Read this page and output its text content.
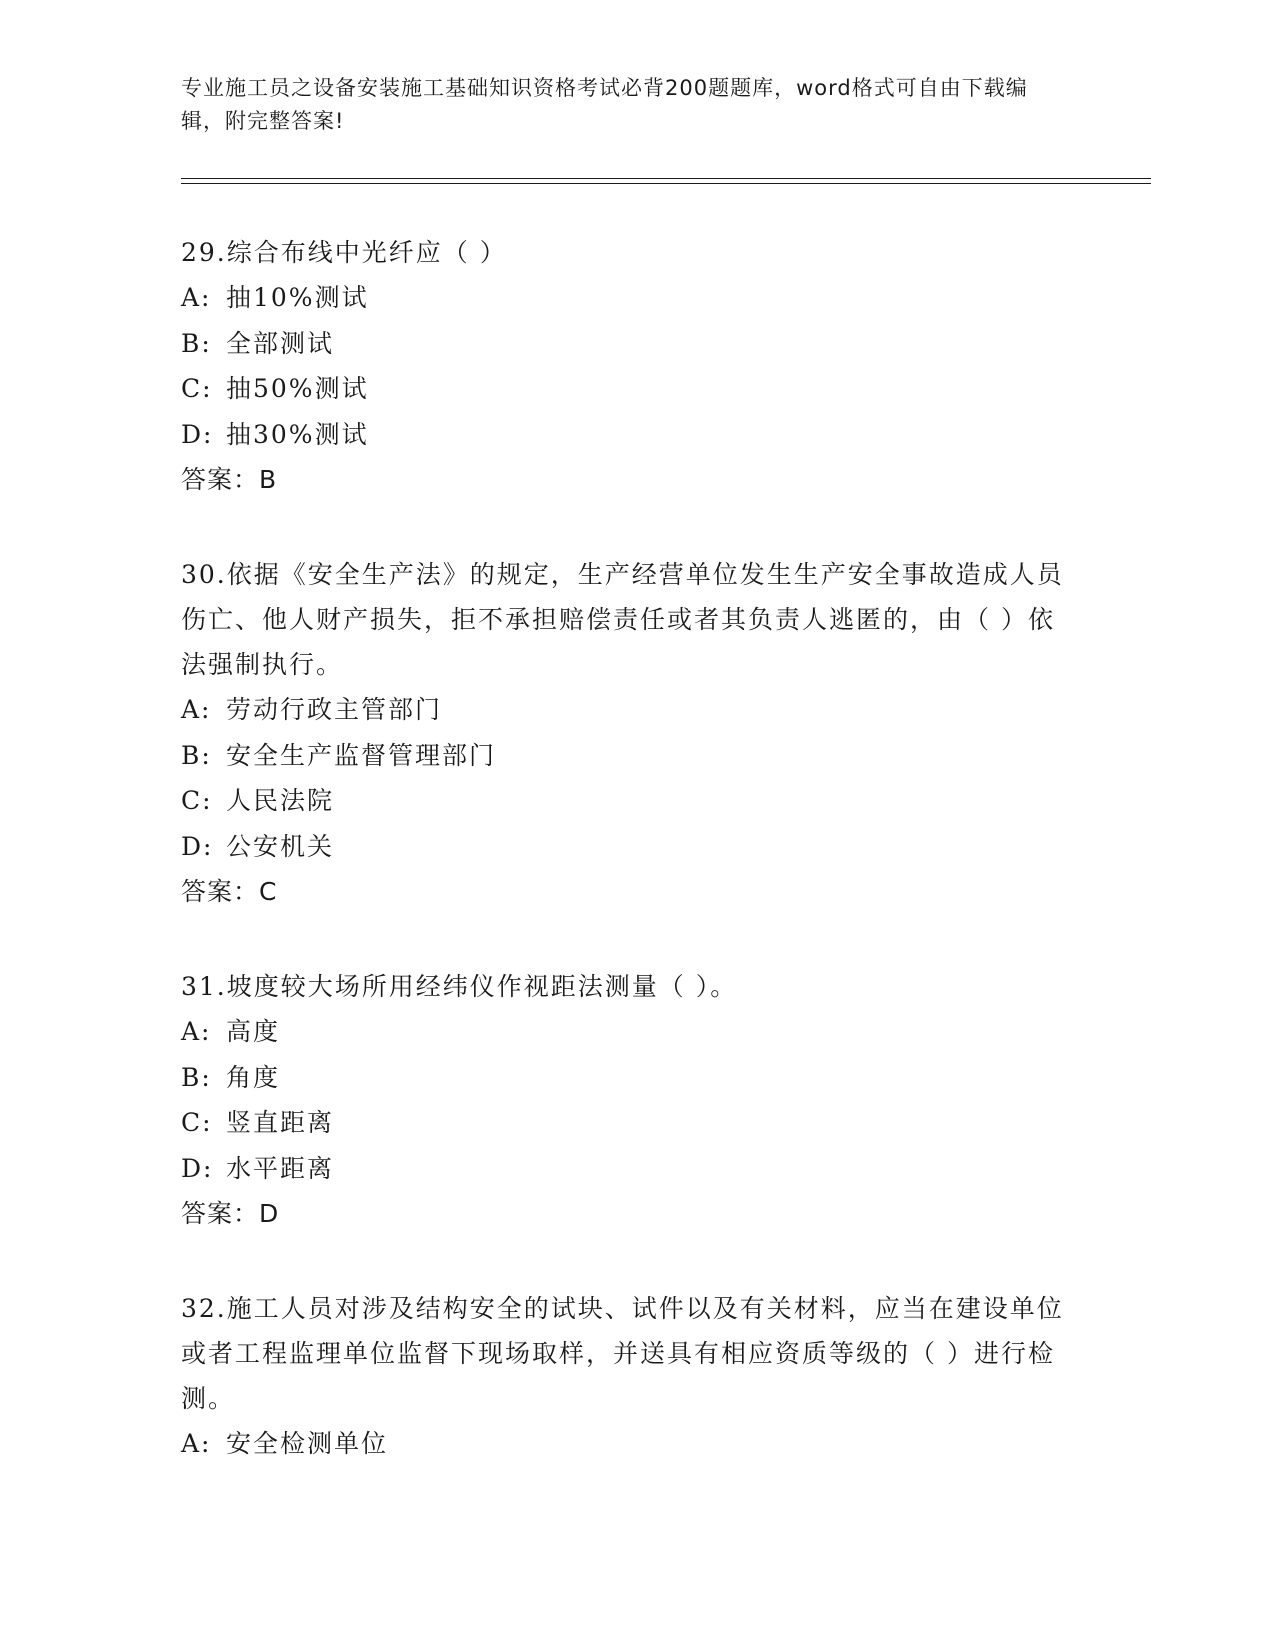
专业施工员之设备安装施工基础知识资格考试必背200题题库，word格式可自由下载编辑，附完整答案!

29.综合布线中光纤应（ ）

A: 抽10%测试

B: 全部测试

C: 抽50%测试

D: 抽30%测试

答案：B

30.依据《安全生产法》的规定，生产经营单位发生生产安全事故造成人员伤亡、他人财产损失，拒不承担赔偿责任或者其负责人逃匿的，由（ ）依法强制执行。

A: 劳动行政主管部门

B: 安全生产监督管理部门

C: 人民法院

D: 公安机关

答案：C

31.坡度较大场所用经纬仪作视距法测量（ ）。

A: 高度

B: 角度

C: 竖直距离

D: 水平距离

答案：D

32.施工人员对涉及结构安全的试块、试件以及有关材料，应当在建设单位或者工程监理单位监督下现场取样，并送具有相应资质等级的（ ）进行检测。

A: 安全检测单位
